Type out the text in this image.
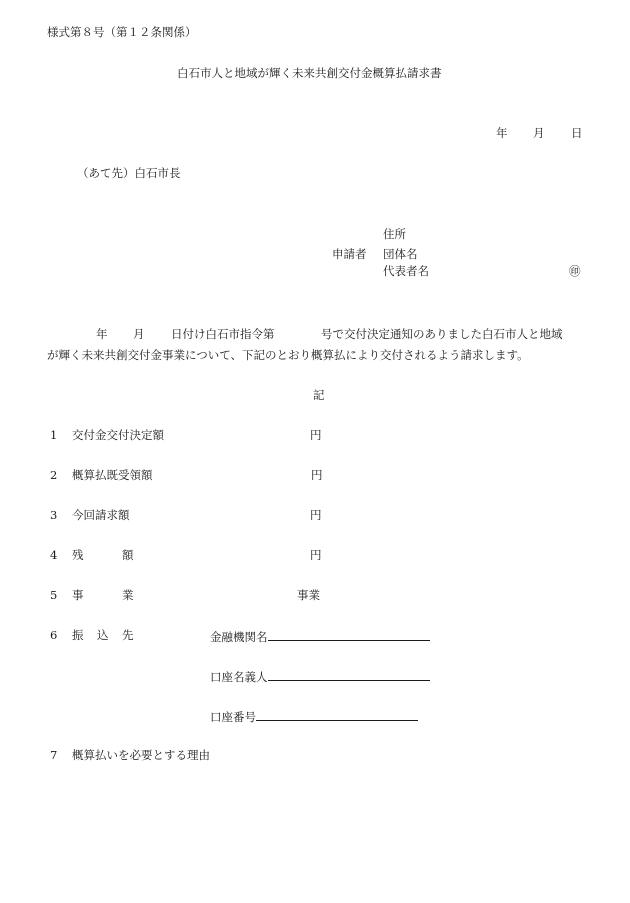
様式第８号（第１２条関係）
白石市人と地域が輝く未来共創交付金概算払請求書
年 月 日
（あて先）白石市長
住所
申請者 団体名
代表者名	㊞
年 月 日付け白石市指令第	号で交付決定通知のありました白石市人と地域
が輝く未来共創交付金事業について、下記のとおり概算払により交付されるよう請求します。
記
1 交付金交付決定額	円
2 概算払既受領額	円
3 今回請求額	円
4 残	額	円
5 事	業	事業
6 振 込 先	金融機関名
口座名義人
口座番号
7 概算払いを必要とする理由
